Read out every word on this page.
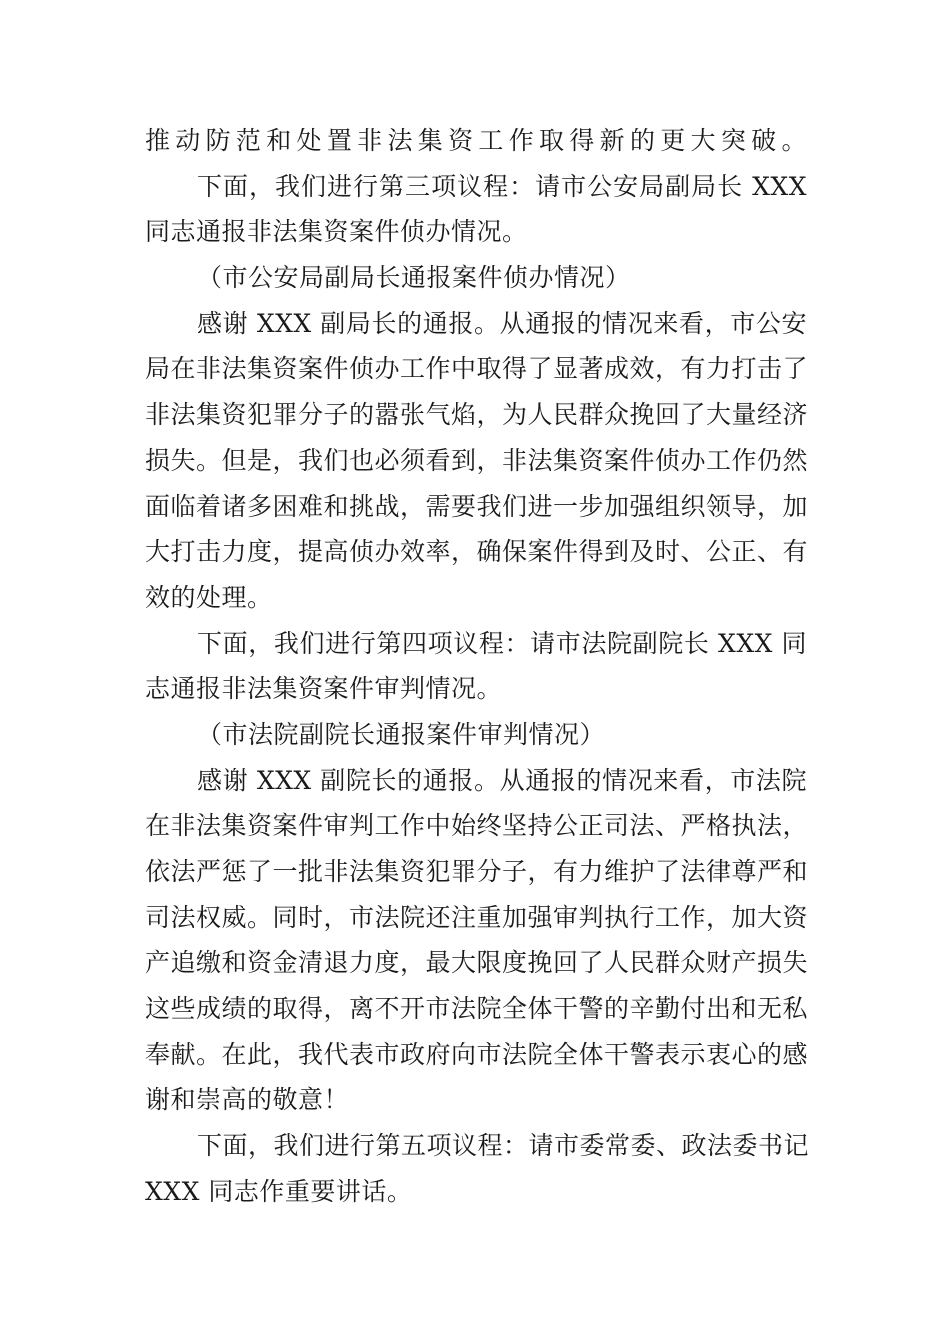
推动防范和处置非法集资工作取得新的更大突破。
下面，我们进行第三项议程：请市公安局副局长 XXX
同志通报非法集资案件侦办情况。
（市公安局副局长通报案件侦办情况）
感谢 XXX 副局长的通报。从通报的情况来看，市公安
局在非法集资案件侦办工作中取得了显著成效，有力打击了
非法集资犯罪分子的嚣张气焰，为人民群众挽回了大量经济
损失。但是，我们也必须看到，非法集资案件侦办工作仍然
面临着诸多困难和挑战，需要我们进一步加强组织领导，加
大打击力度，提高侦办效率，确保案件得到及时、公正、有
效的处理。
下面，我们进行第四项议程：请市法院副院长 XXX 同
志通报非法集资案件审判情况。
（市法院副院长通报案件审判情况）
感谢 XXX 副院长的通报。从通报的情况来看，市法院
在非法集资案件审判工作中始终坚持公正司法、严格执法，
依法严惩了一批非法集资犯罪分子，有力维护了法律尊严和
司法权威。同时，市法院还注重加强审判执行工作，加大资
产追缴和资金清退力度，最大限度挽回了人民群众财产损失
这些成绩的取得，离不开市法院全体干警的辛勤付出和无私
奉献。在此，我代表市政府向市法院全体干警表示衷心的感
谢和崇高的敬意！
下面，我们进行第五项议程：请市委常委、政法委书记
XXX 同志作重要讲话。
